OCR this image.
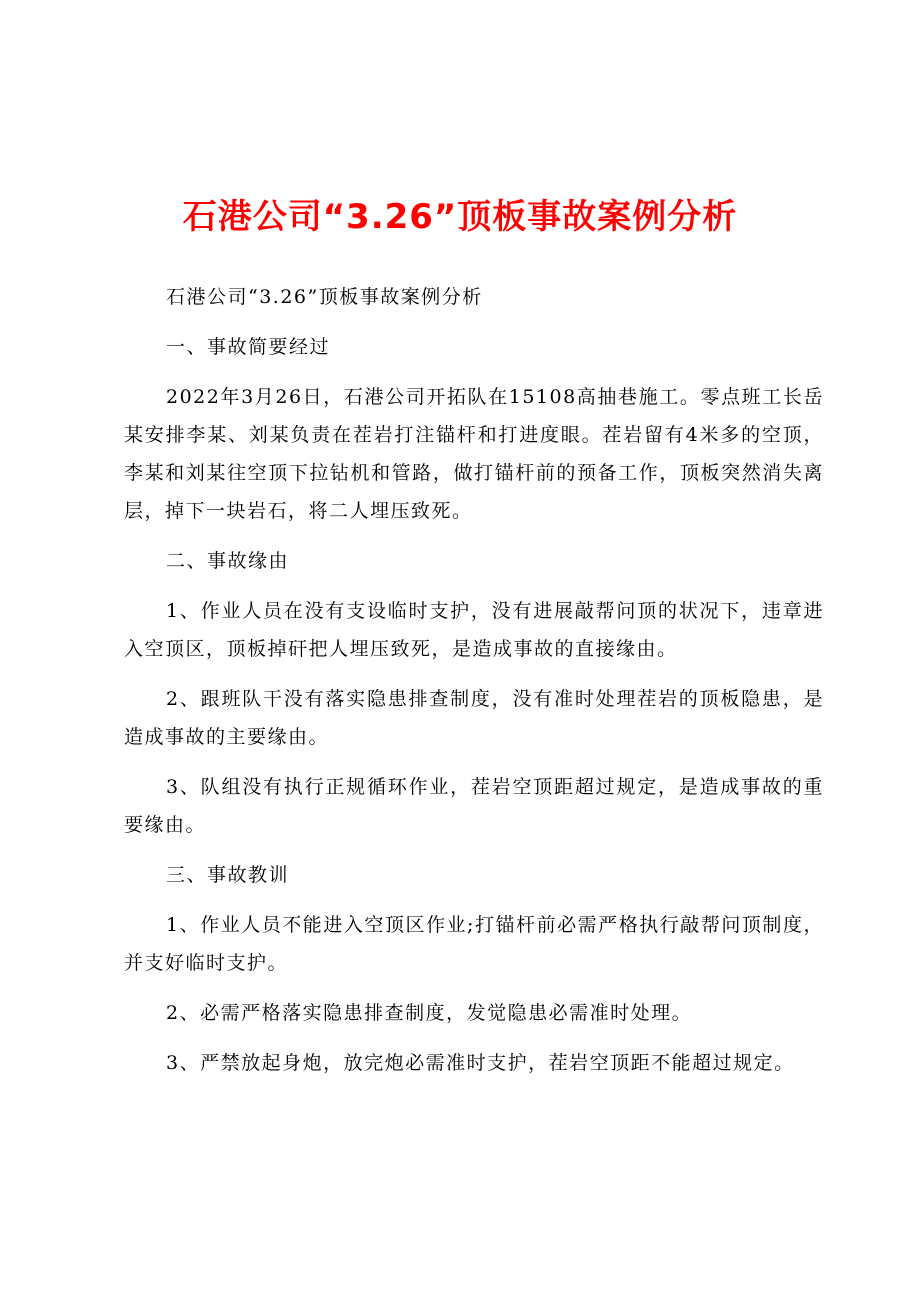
石港公司“3.26”顶板事故案例分析

石港公司“3.26”顶板事故案例分析

一、事故简要经过

2022年3月26日，石港公司开拓队在15108高抽巷施工。零点班工长岳某安排李某、刘某负责在茬岩打注锚杆和打进度眼。茬岩留有4米多的空顶，李某和刘某往空顶下拉钻机和管路，做打锚杆前的预备工作，顶板突然消失离层，掉下一块岩石，将二人埋压致死。

二、事故缘由

1、作业人员在没有支设临时支护，没有进展敲帮问顶的状况下，违章进入空顶区，顶板掉矸把人埋压致死，是造成事故的直接缘由。

2、跟班队干没有落实隐患排查制度，没有准时处理茬岩的顶板隐患，是造成事故的主要缘由。

3、队组没有执行正规循环作业，茬岩空顶距超过规定，是造成事故的重要缘由。

三、事故教训

1、作业人员不能进入空顶区作业;打锚杆前必需严格执行敲帮问顶制度，并支好临时支护。

2、必需严格落实隐患排查制度，发觉隐患必需准时处理。

3、严禁放起身炮，放完炮必需准时支护，茬岩空顶距不能超过规定。
